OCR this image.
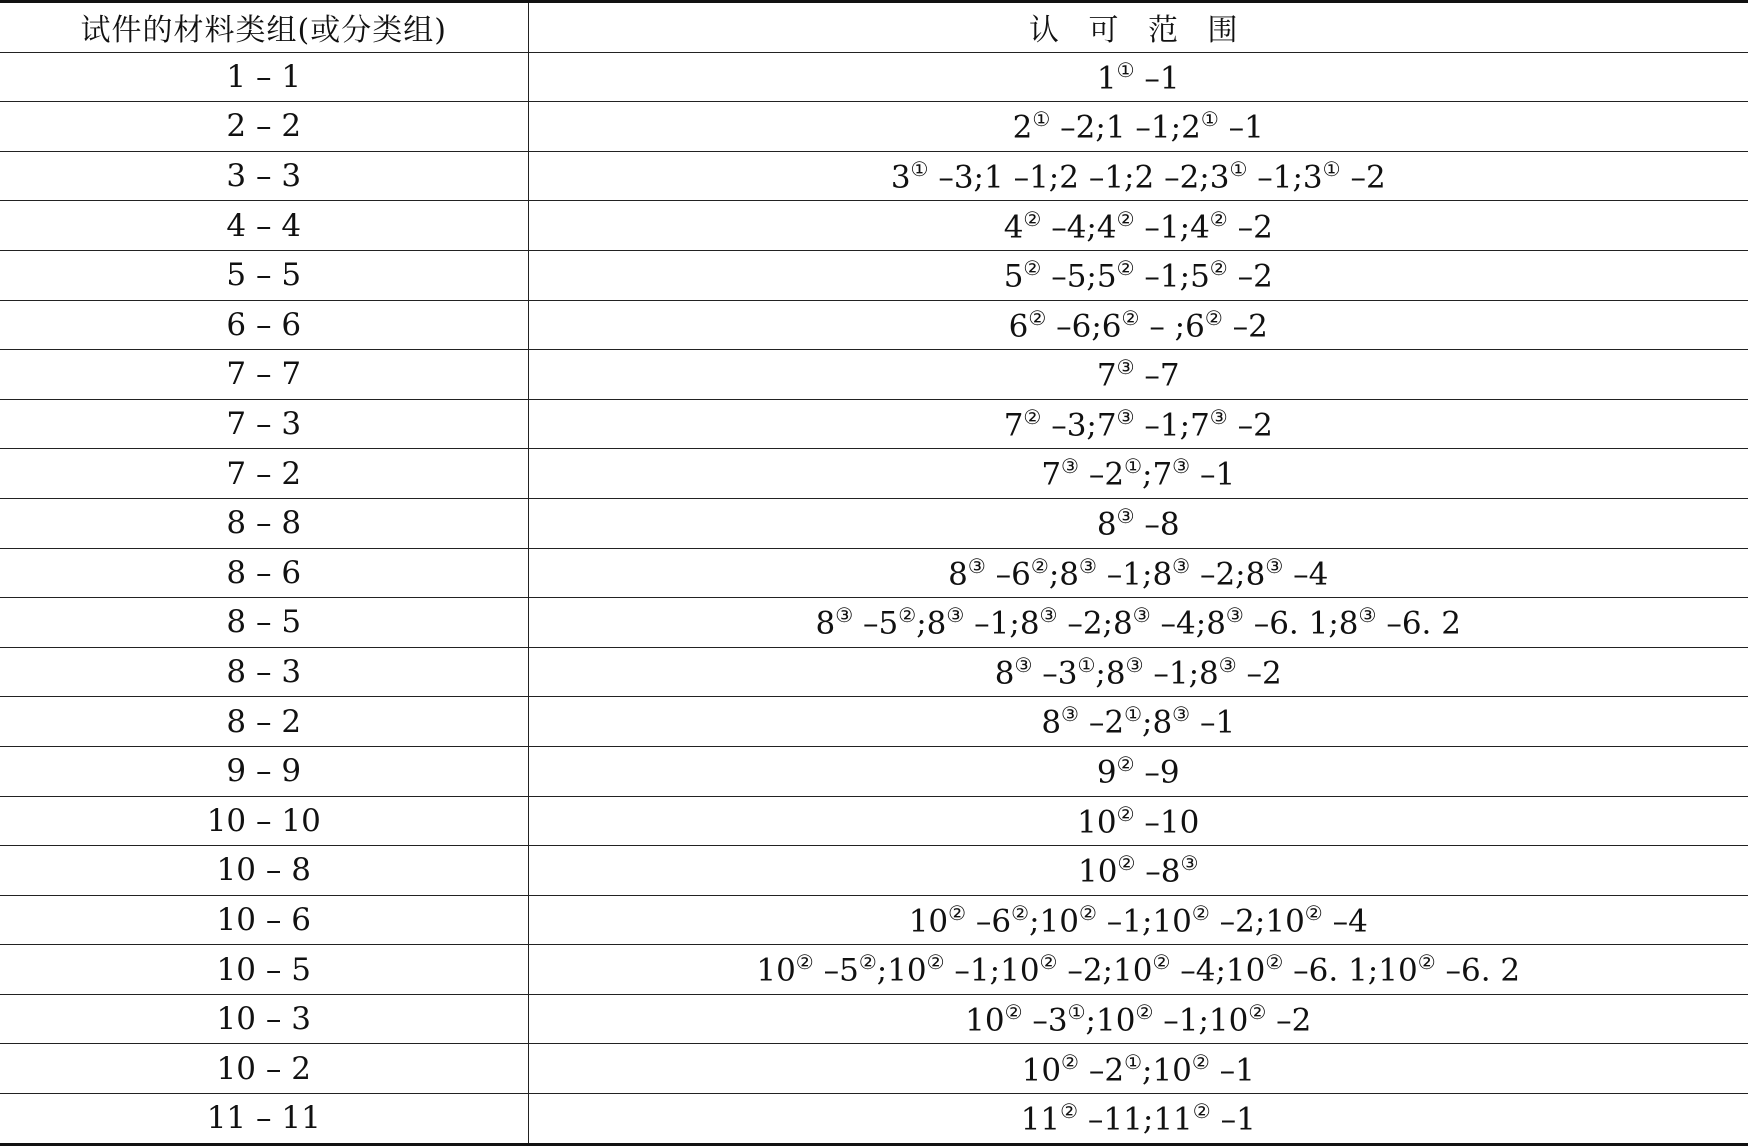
试件的材料类组(或分类组)	认 可 范 围
1 – 1	1① –1
2 – 2	2① –2;1 –1;2① –1
3 – 3	3① –3;1 –1;2 –1;2 –2;3① –1;3① –2
4 – 4	4② –4;4② –1;4② –2
5 – 5	5② –5;5② –1;5② –2
6 – 6	6② –6;6② – ;6② –2
7 – 7	7③ –7
7 – 3	7② –3;7③ –1;7③ –2
7 – 2	7③ –2①;7③ –1
8 – 8	8③ –8
8 – 6	8③ –6②;8③ –1;8③ –2;8③ –4
8 – 5	8③ –5②;8③ –1;8③ –2;8③ –4;8③ –6. 1;8③ –6. 2
8 – 3	8③ –3①;8③ –1;8③ –2
8 – 2	8③ –2①;8③ –1
9 – 9	9② –9
10 – 10	10② –10
10 – 8	10② –8③
10 – 6	10② –6②;10② –1;10② –2;10② –4
10 – 5	10② –5②;10② –1;10② –2;10② –4;10② –6. 1;10② –6. 2
10 – 3	10② –3①;10② –1;10② –2
10 – 2	10② –2①;10② –1
11 – 11	11② –11;11② –1
